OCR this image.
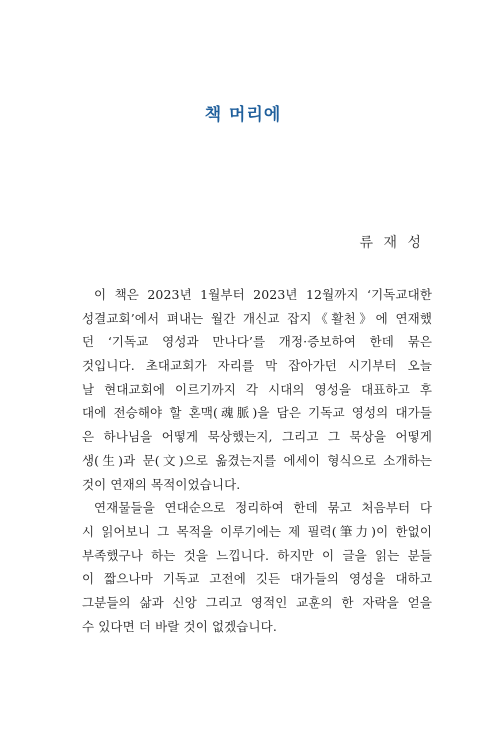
책 머리에
류 재 성
이 책은 2023년 1월부터 2023년 12월까지 ‘기독교대한
성결교회’에서 펴내는 월간 개신교 잡지《활천》에 연재했
던 ‘기독교 영성과 만나다’를 개정·증보하여 한데 묶은
것입니다. 초대교회가 자리를 막 잡아가던 시기부터 오늘
날 현대교회에 이르기까지 각 시대의 영성을 대표하고 후
대에 전승해야 할 혼맥(魂脈)을 담은 기독교 영성의 대가들
은 하나님을 어떻게 묵상했는지, 그리고 그 묵상을 어떻게
생(生)과 문(文)으로 옮겼는지를 에세이 형식으로 소개하는
것이 연재의 목적이었습니다.
연재물들을 연대순으로 정리하여 한데 묶고 처음부터 다
시 읽어보니 그 목적을 이루기에는 제 필력(筆力)이 한없이
부족했구나 하는 것을 느낍니다. 하지만 이 글을 읽는 분들
이 짧으나마 기독교 고전에 깃든 대가들의 영성을 대하고
그분들의 삶과 신앙 그리고 영적인 교훈의 한 자락을 얻을
수 있다면 더 바랄 것이 없겠습니다.
